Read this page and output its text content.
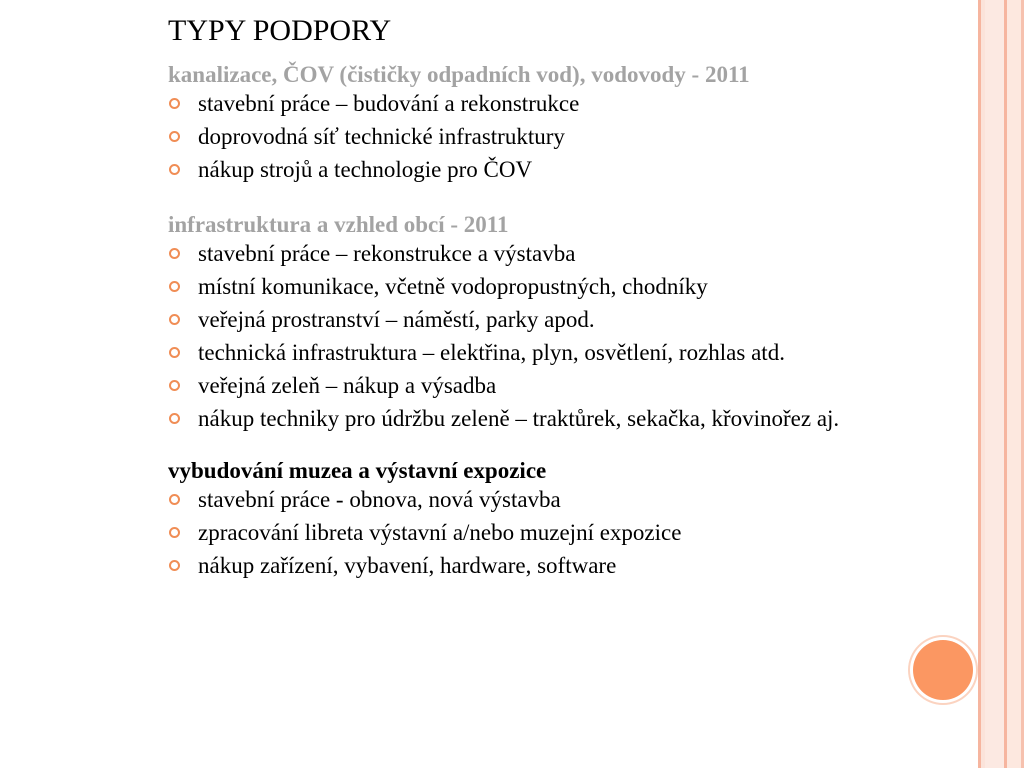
TYPY PODPORY

kanalizace, ČOV (čističky odpadních vod), vodovody - 2011

stavební práce – budování a rekonstrukce
doprovodná síť technické infrastruktury
nákup strojů a technologie pro ČOV

infrastruktura a vzhled obcí - 2011

stavební práce – rekonstrukce a výstavba
místní komunikace, včetně vodopropustných, chodníky
veřejná prostranství – náměstí, parky apod.
technická infrastruktura – elektřina, plyn, osvětlení, rozhlas atd.
veřejná zeleň – nákup a výsadba
nákup techniky pro údržbu zeleně – traktůrek, sekačka, křovinořez aj.

vybudování muzea a výstavní expozice

stavební práce - obnova, nová výstavba
zpracování libreta výstavní a/nebo muzejní expozice
nákup zařízení, vybavení, hardware, software
